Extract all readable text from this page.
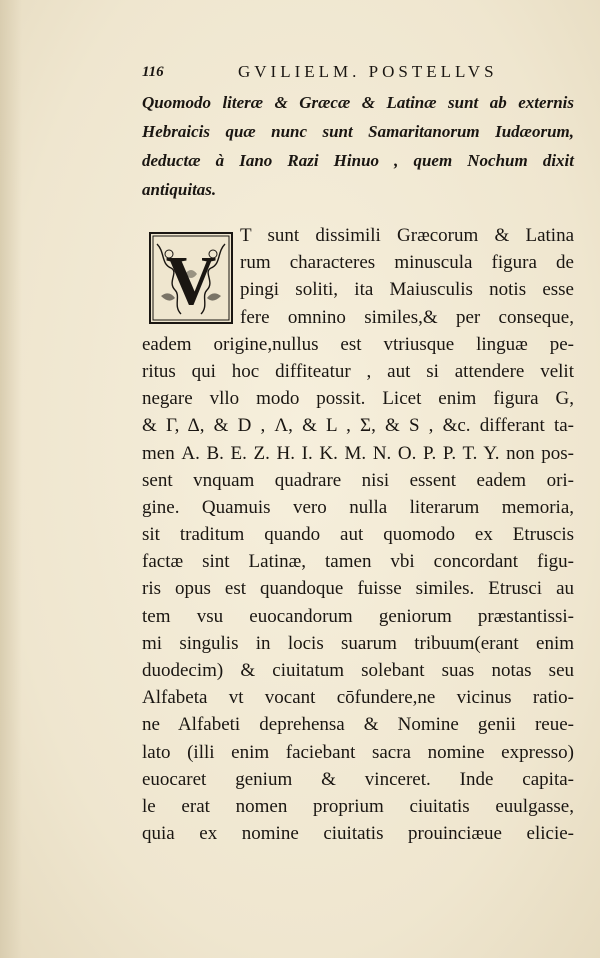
116	GVILIELM. POSTELLVS
Quomodo literæ & Græcæ & Latinæ sunt ab externis
Hebraicis quæ nunc sunt Samaritanorum Iudæorum,
deductæ à Iano Razi Hinuo , quem Nochum dixit
antiquitas.
V
T sunt dissimili Græcorum & Latina
rum characteres minuscula figura de
pingi soliti, ita Maiusculis notis esse
fere omnino similes,& per conseque,
eadem origine,nullus est vtriusque linguæ pe-
ritus qui hoc diffiteatur , aut si attendere velit
negare vllo modo possit. Licet enim figura G,
& Γ, Δ, & D , Λ, & L , Σ, & S , &c. differant ta-
men Α. Β. Ε. Ζ. Η. Ι. Κ. Μ. Ν. Ο. Ρ. Ρ. Τ. Υ. non pos-
sent vnquam quadrare nisi essent eadem ori-
gine. Quamuis vero nulla literarum memoria,
sit traditum quando aut quomodo ex Etruscis
factæ sint Latinæ, tamen vbi concordant figu-
ris opus est quandoque fuisse similes. Etrusci au
tem vsu euocandorum geniorum præstantissi-
mi singulis in locis suarum tribuum(erant enim
duodecim) & ciuitatum solebant suas notas seu
Alfabeta vt vocant cōfundere,ne vicinus ratio-
ne Alfabeti deprehensa & Nomine genii reue-
lato (illi enim faciebant sacra nomine expresso)
euocaret genium & vinceret. Inde capita-
le erat nomen proprium ciuitatis euulgasse,
quia ex nomine ciuitatis prouinciæue elicie-
